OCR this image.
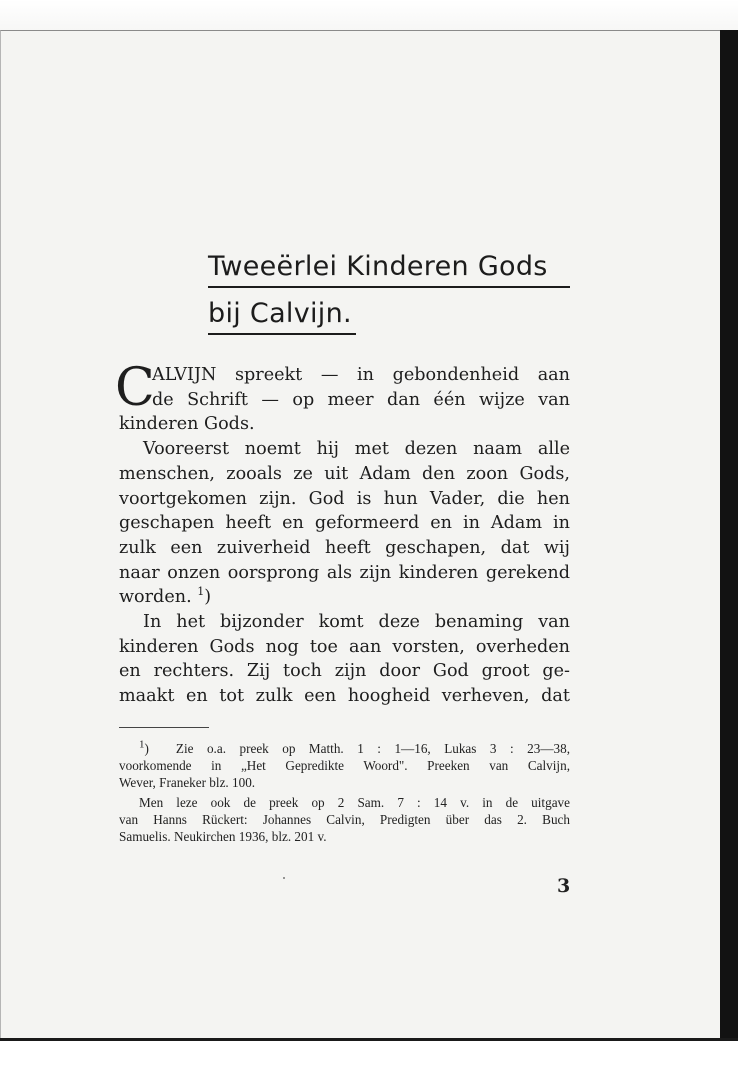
Tweeërlei Kinderen Gods
bij Calvijn.

C
ALVIJN spreekt — in gebondenheid aan

de Schrift — op meer dan één wijze van

kinderen Gods.

Vooreerst noemt hij met dezen naam alle

menschen, zooals ze uit Adam den zoon Gods,

voortgekomen zijn. God is hun Vader, die hen

geschapen heeft en geformeerd en in Adam in

zulk een zuiverheid heeft geschapen, dat wij

naar onzen oorsprong als zijn kinderen gerekend

worden. $^1$)

In het bijzonder komt deze benaming van

kinderen Gods nog toe aan vorsten, overheden

en rechters. Zij toch zijn door God groot ge-

maakt en tot zulk een hoogheid verheven, dat

$^1$) Zie o.a. preek op Matth. 1 : 1—16, Lukas 3 : 23—38,

voorkomende in „Het Gepredikte Woord". Preeken van Calvijn,

Wever, Franeker blz. 100.

Men leze ook de preek op 2 Sam. 7 : 14 v. in de uitgave

van Hanns Rückert: Johannes Calvin, Predigten über das 2. Buch

Samuelis. Neukirchen 1936, blz. 201 v.

3
